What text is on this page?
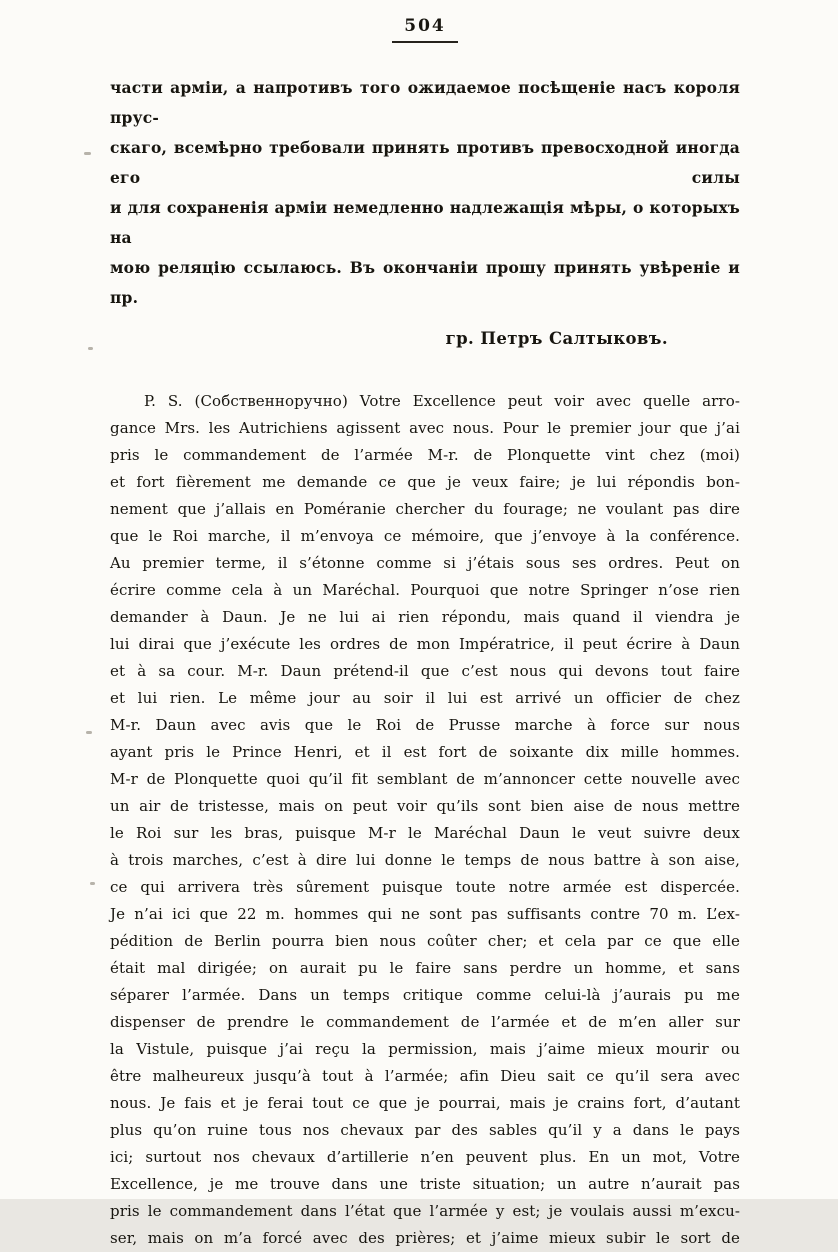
504
части арміи, а напротивъ того ожидаемое посѣщеніе насъ короля прус-
скаго, всемѣрно требовали принять противъ превосходной иногда его силы
и для сохраненія арміи немедленно надлежащія мѣры, о которыхъ на
мою реляцію ссылаюсь. Въ окончаніи прошу принять увѣреніе и пр.
гр. Петръ Салтыковъ.
P. S. (Собственноручно) Votre Excellence peut voir avec quelle arro-
gance Mrs. les Autrichiens agissent avec nous. Pour le premier jour que j’ai
pris le commandement de l’armée M-r. de Plonquette vint chez (moi)
et fort fièrement me demande ce que je veux faire; je lui répondis bon-
nement que j’allais en Poméranie chercher du fourage; ne voulant pas dire
que le Roi marche, il m’envoya ce mémoire, que j’envoye à la conférence.
Au premier terme, il s’étonne comme si j’étais sous ses ordres. Peut on
écrire comme cela à un Maréchal. Pourquoi que notre Springer n’ose rien
demander à Daun. Je ne lui ai rien répondu, mais quand il viendra je
lui dirai que j’exécute les ordres de mon Impératrice, il peut écrire à Daun
et à sa cour. M-r. Daun prétend-il que c’est nous qui devons tout faire
et lui rien. Le même jour au soir il lui est arrivé un officier de chez
M-r. Daun avec avis que le Roi de Prusse marche à force sur nous
ayant pris le Prince Henri, et il est fort de soixante dix mille hommes.
M-r de Plonquette quoi qu’il fit semblant de m’annoncer cette nouvelle avec
un air de tristesse, mais on peut voir qu’ils sont bien aise de nous mettre
le Roi sur les bras, puisque M-r le Maréchal Daun le veut suivre deux
à trois marches, c’est à dire lui donne le temps de nous battre à son aise,
ce qui arrivera très sûrement puisque toute notre armée est dispercée.
Je n’ai ici que 22 m. hommes qui ne sont pas suffisants contre 70 m. L’ex-
pédition de Berlin pourra bien nous coûter cher; et cela par ce que elle
était mal dirigée; on aurait pu le faire sans perdre un homme, et sans
séparer l’armée. Dans un temps critique comme celui-là j’aurais pu me
dispenser de prendre le commandement de l’armée et de m’en aller sur
la Vistule, puisque j’ai reçu la permission, mais j’aime mieux mourir ou
être malheureux jusqu’à tout à l’armée; afin Dieu sait ce qu’il sera avec
nous. Je fais et je ferai tout ce que je pourrai, mais je crains fort, d’autant
plus qu’on ruine tous nos chevaux par des sables qu’il y a dans le pays
ici; surtout nos chevaux d’artillerie n’en peuvent plus. En un mot, Votre
Excellence, je me trouve dans une triste situation; un autre n’aurait pas
pris le commandement dans l’état que l’armée y est; je voulais aussi m’excu-
ser, mais on m’a forcé avec des prières; et j’aime mieux subir le sort de
